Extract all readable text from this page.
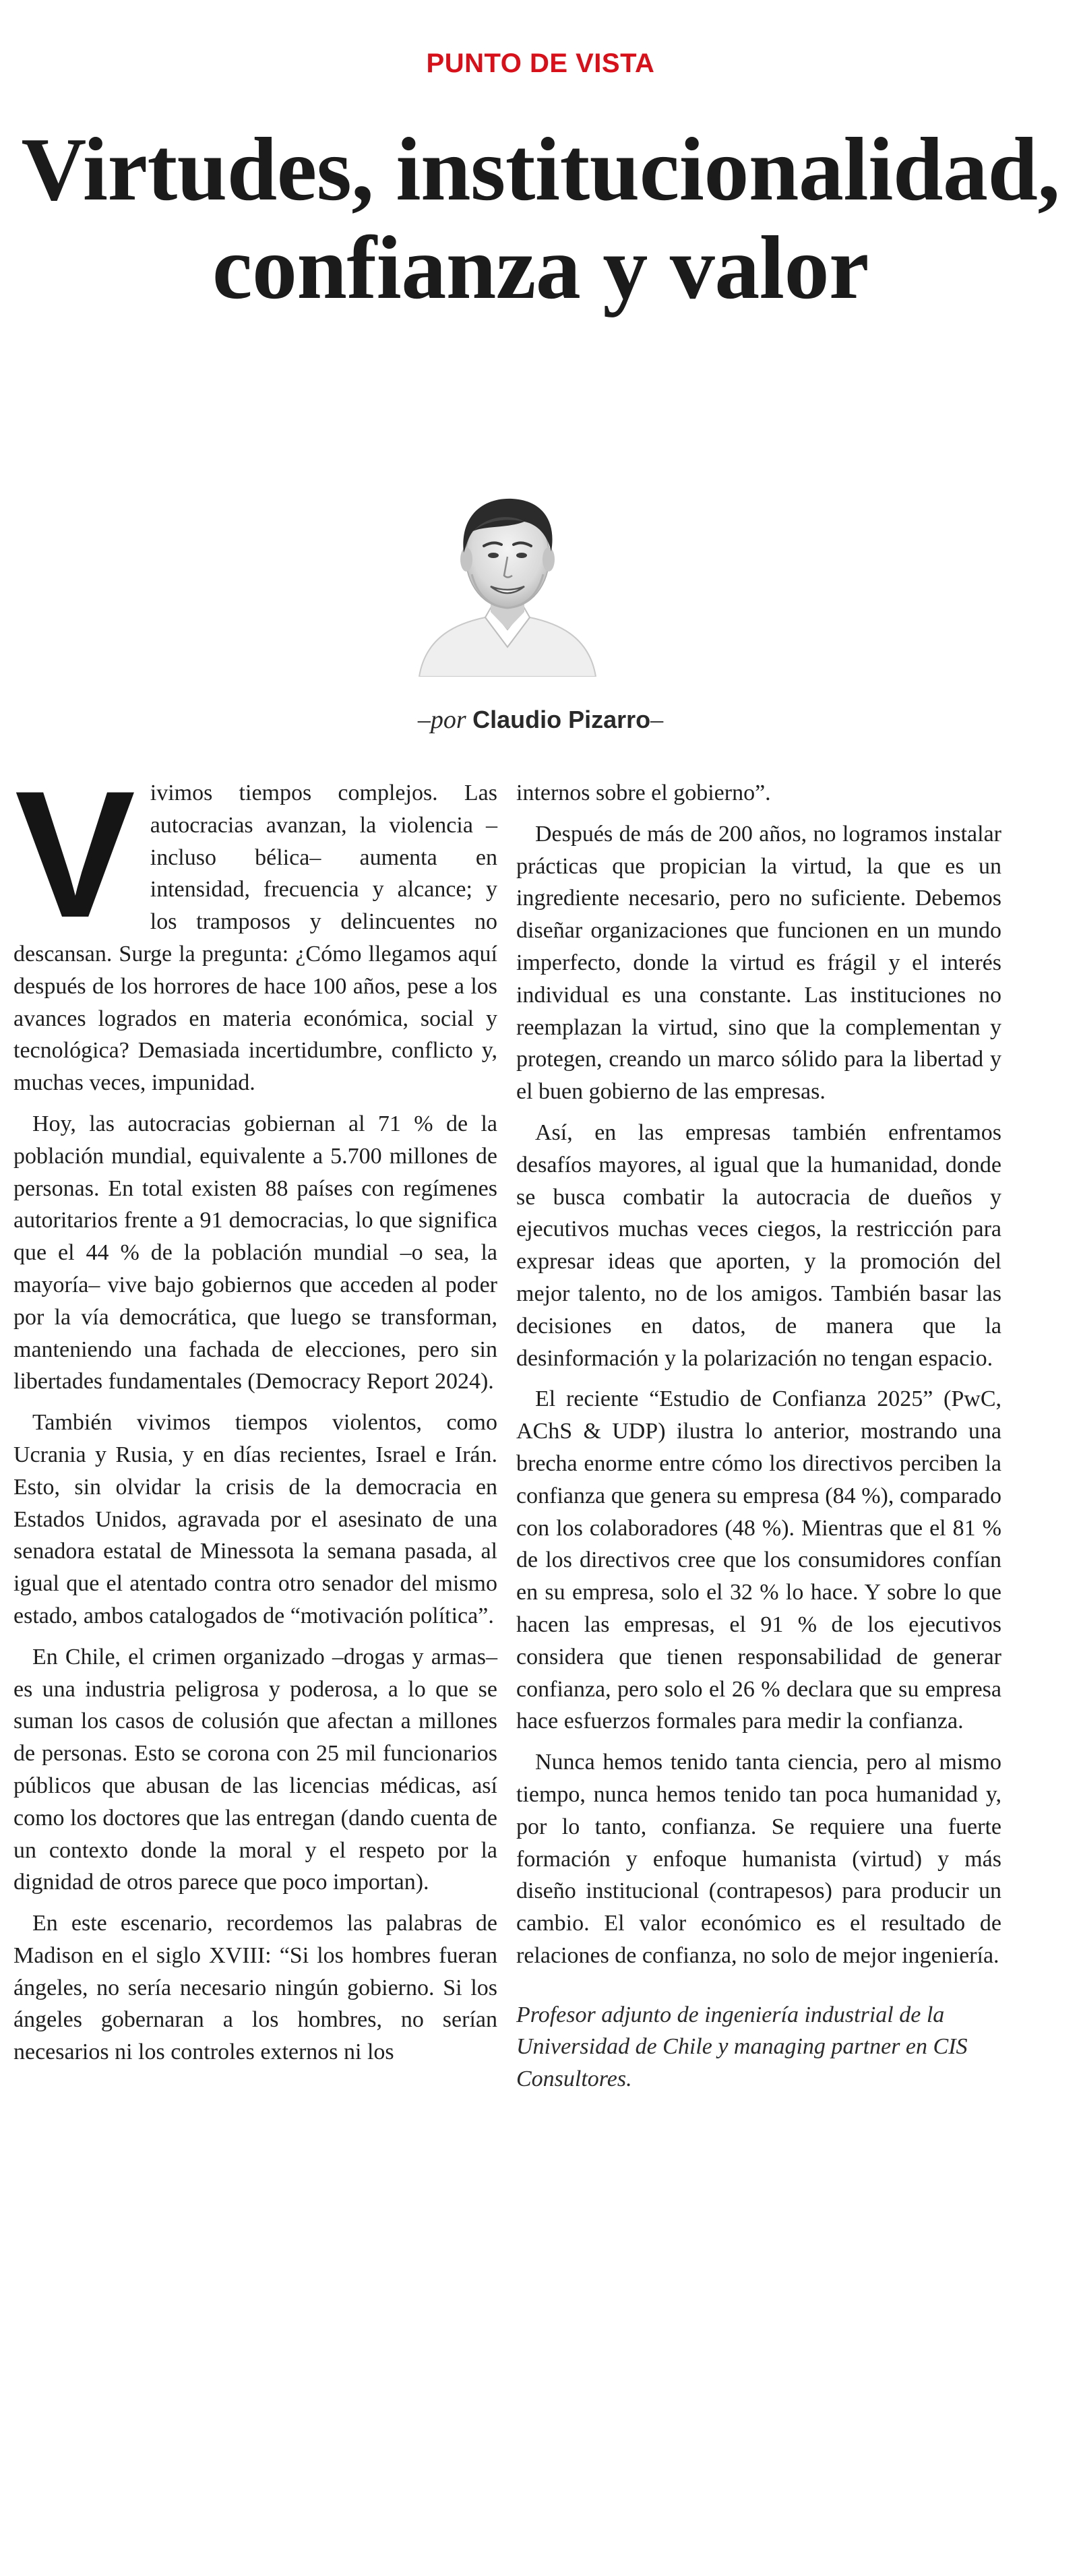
PUNTO DE VISTA
Virtudes, institucionalidad, confianza y valor
–por Claudio Pizarro–

Vivimos tiempos complejos. Las autocracias avanzan, la violencia –incluso bélica– aumenta en intensidad, frecuencia y alcance; y los tramposos y delincuentes no descansan. Surge la pregunta: ¿Cómo llegamos aquí después de los horrores de hace 100 años, pese a los avances logrados en materia económica, social y tecnológica? Demasiada incertidumbre, conflicto y, muchas veces, impunidad.

Hoy, las autocracias gobiernan al 71 % de la población mundial, equivalente a 5.700 millones de personas. En total existen 88 países con regímenes autoritarios frente a 91 democracias, lo que significa que el 44 % de la población mundial –o sea, la mayoría– vive bajo gobiernos que acceden al poder por la vía democrática, que luego se transforman, manteniendo una fachada de elecciones, pero sin libertades fundamentales (Democracy Report 2024).

También vivimos tiempos violentos, como Ucrania y Rusia, y en días recientes, Israel e Irán. Esto, sin olvidar la crisis de la democracia en Estados Unidos, agravada por el asesinato de una senadora estatal de Minessota la semana pasada, al igual que el atentado contra otro senador del mismo estado, ambos catalogados de “motivación política”.

En Chile, el crimen organizado –drogas y armas– es una industria peligrosa y poderosa, a lo que se suman los casos de colusión que afectan a millones de personas. Esto se corona con 25 mil funcionarios públicos que abusan de las licencias médicas, así como los doctores que las entregan (dando cuenta de un contexto donde la moral y el respeto por la dignidad de otros parece que poco importan).

En este escenario, recordemos las palabras de Madison en el siglo XVIII: “Si los hombres fueran ángeles, no sería necesario ningún gobierno. Si los ángeles gobernaran a los hombres, no serían necesarios ni los controles externos ni los

internos sobre el gobierno”.

Después de más de 200 años, no logramos instalar prácticas que propician la virtud, la que es un ingrediente necesario, pero no suficiente. Debemos diseñar organizaciones que funcionen en un mundo imperfecto, donde la virtud es frágil y el interés individual es una constante. Las instituciones no reemplazan la virtud, sino que la complementan y protegen, creando un marco sólido para la libertad y el buen gobierno de las empresas.

Así, en las empresas también enfrentamos desafíos mayores, al igual que la humanidad, donde se busca combatir la autocracia de dueños y ejecutivos muchas veces ciegos, la restricción para expresar ideas que aporten, y la promoción del mejor talento, no de los amigos. También basar las decisiones en datos, de manera que la desinformación y la polarización no tengan espacio.

El reciente “Estudio de Confianza 2025” (PwC, AChS & UDP) ilustra lo anterior, mostrando una brecha enorme entre cómo los directivos perciben la confianza que genera su empresa (84 %), comparado con los colaboradores (48 %). Mientras que el 81 % de los directivos cree que los consumidores confían en su empresa, solo el 32 % lo hace. Y sobre lo que hacen las empresas, el 91 % de los ejecutivos considera que tienen responsabilidad de generar confianza, pero solo el 26 % declara que su empresa hace esfuerzos formales para medir la confianza.

Nunca hemos tenido tanta ciencia, pero al mismo tiempo, nunca hemos tenido tan poca humanidad y, por lo tanto, confianza. Se requiere una fuerte formación y enfoque humanista (virtud) y más diseño institucional (contrapesos) para producir un cambio. El valor económico es el resultado de relaciones de confianza, no solo de mejor ingeniería.

Profesor adjunto de ingeniería industrial de la Universidad de Chile y managing partner en CIS Consultores.
